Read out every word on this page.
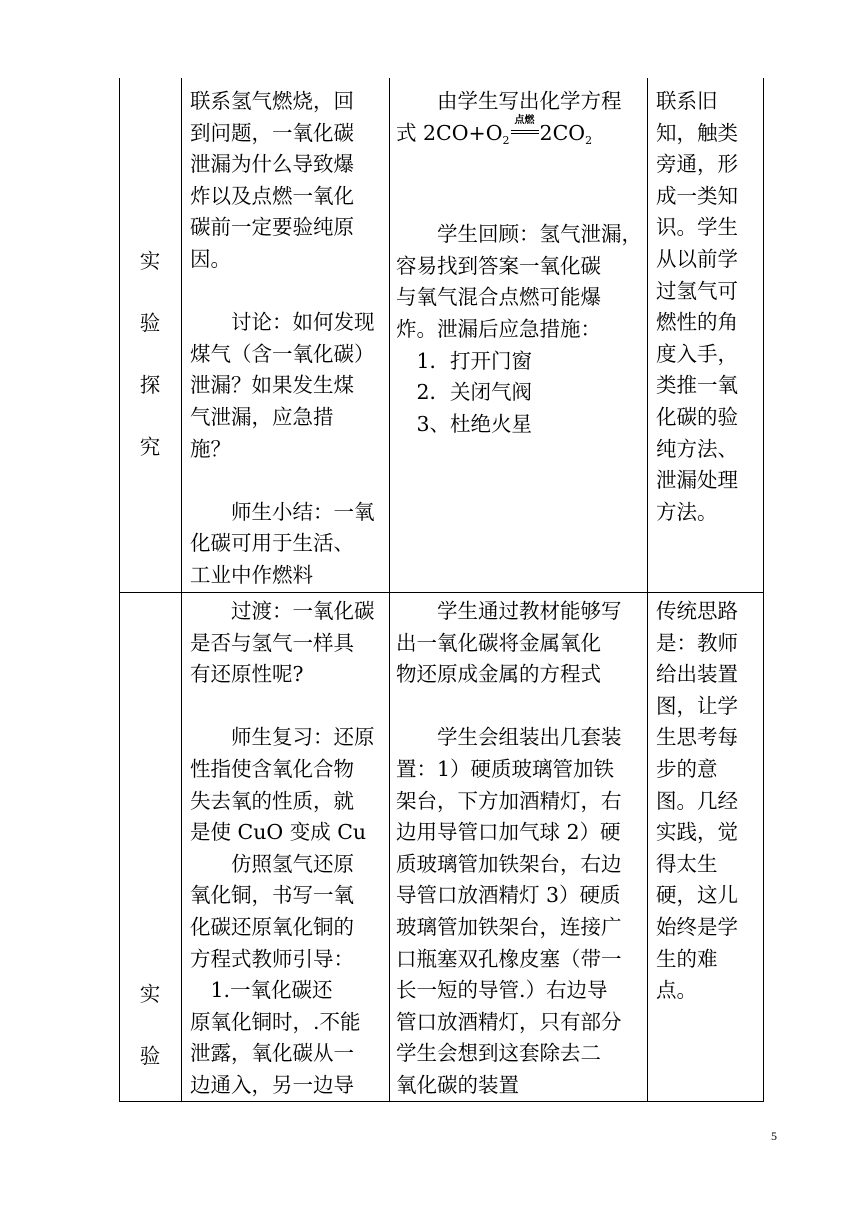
实
验
探
究

联系氢气燃烧，回

到问题，一氧化碳

泄漏为什么导致爆

炸以及点燃一氧化

碳前一定要验纯原

因。

　　讨论：如何发现

煤气（含一氧化碳）

泄漏？如果发生煤

气泄漏，应急措

施？

　　师生小结：一氧

化碳可用于生活、

工业中作燃料

　　由学生写出化学方程

式 $2CO+O_2$
点燃
$2CO_2$

　　学生回顾：氢气泄漏，

容易找到答案一氧化碳

与氧气混合点燃可能爆

炸。泄漏后应急措施：

　1．打开门窗

　2．关闭气阀

　3、杜绝火星

联系旧

知，触类

旁通，形

成一类知

识。学生

从以前学

过氢气可

燃性的角

度入手，

类推一氧

化碳的验

纯方法、

泄漏处理

方法。

实
验

　　过渡：一氧化碳

是否与氢气一样具

有还原性呢?

　　师生复习：还原

性指使含氧化合物

失去氧的性质，就

是使 CuO 变成 Cu

　　仿照氢气还原

氧化铜，书写一氧

化碳还原氧化铜的

方程式教师引导：

　1.一氧化碳还

原氧化铜时，.不能

泄露，氧化碳从一

边通入，另一边导

　　学生通过教材能够写

出一氧化碳将金属氧化

物还原成金属的方程式

　　学生会组装出几套装

置：1）硬质玻璃管加铁

架台，下方加酒精灯，右

边用导管口加气球 2）硬

质玻璃管加铁架台，右边

导管口放酒精灯 3）硬质

玻璃管加铁架台，连接广

口瓶塞双孔橡皮塞（带一

长一短的导管.）右边导

管口放酒精灯，只有部分

学生会想到这套除去二

氧化碳的装置

传统思路

是：教师

给出装置

图，让学

生思考每

步的意

图。几经

实践，觉

得太生

硬，这儿

始终是学

生的难

点。

5
